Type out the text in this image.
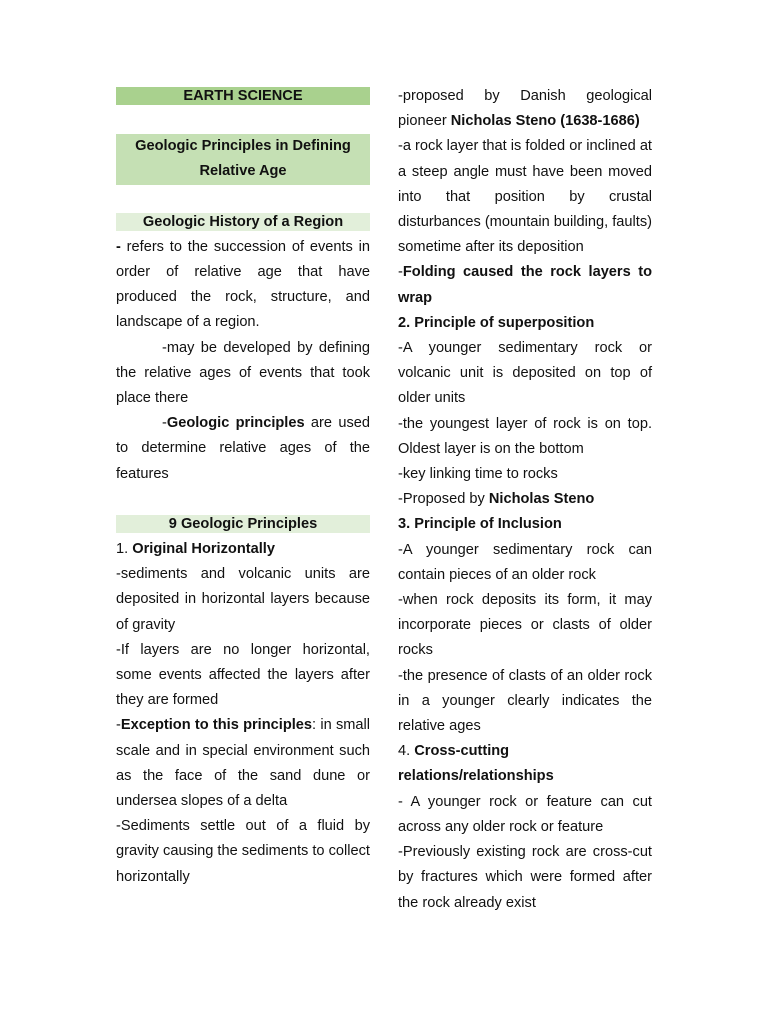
EARTH SCIENCE

Geologic Principles in Defining Relative Age

Geologic History of a Region

- refers to the succession of events in order of relative age that have produced the rock, structure, and landscape of a region.

-may be developed by defining the relative ages of events that took place there

-Geologic principles are used to determine relative ages of the features

9 Geologic Principles

1. Original Horizontally

-sediments and volcanic units are deposited in horizontal layers because of gravity

-If layers are no longer horizontal, some events affected the layers after they are formed

-Exception to this principles: in small scale and in special environment such as the face of the sand dune or undersea slopes of a delta

-Sediments settle out of a fluid by gravity causing the sediments to collect horizontally

-proposed by Danish geological pioneer Nicholas Steno (1638-1686)

-a rock layer that is folded or inclined at a steep angle must have been moved into that position by crustal disturbances (mountain building, faults) sometime after its deposition

-Folding caused the rock layers to wrap

2. Principle of superposition

-A younger sedimentary rock or volcanic unit is deposited on top of older units

-the youngest layer of rock is on top. Oldest layer is on the bottom

-key linking time to rocks

-Proposed by Nicholas Steno

3. Principle of Inclusion

-A younger sedimentary rock can contain pieces of an older rock

-when rock deposits its form, it may incorporate pieces or clasts of older rocks

-the presence of clasts of an older rock in a younger clearly indicates the relative ages

4. Cross-cutting relations/relationships

- A younger rock or feature can cut across any older rock or feature

-Previously existing rock are cross-cut by fractures which were formed after the rock already exist
